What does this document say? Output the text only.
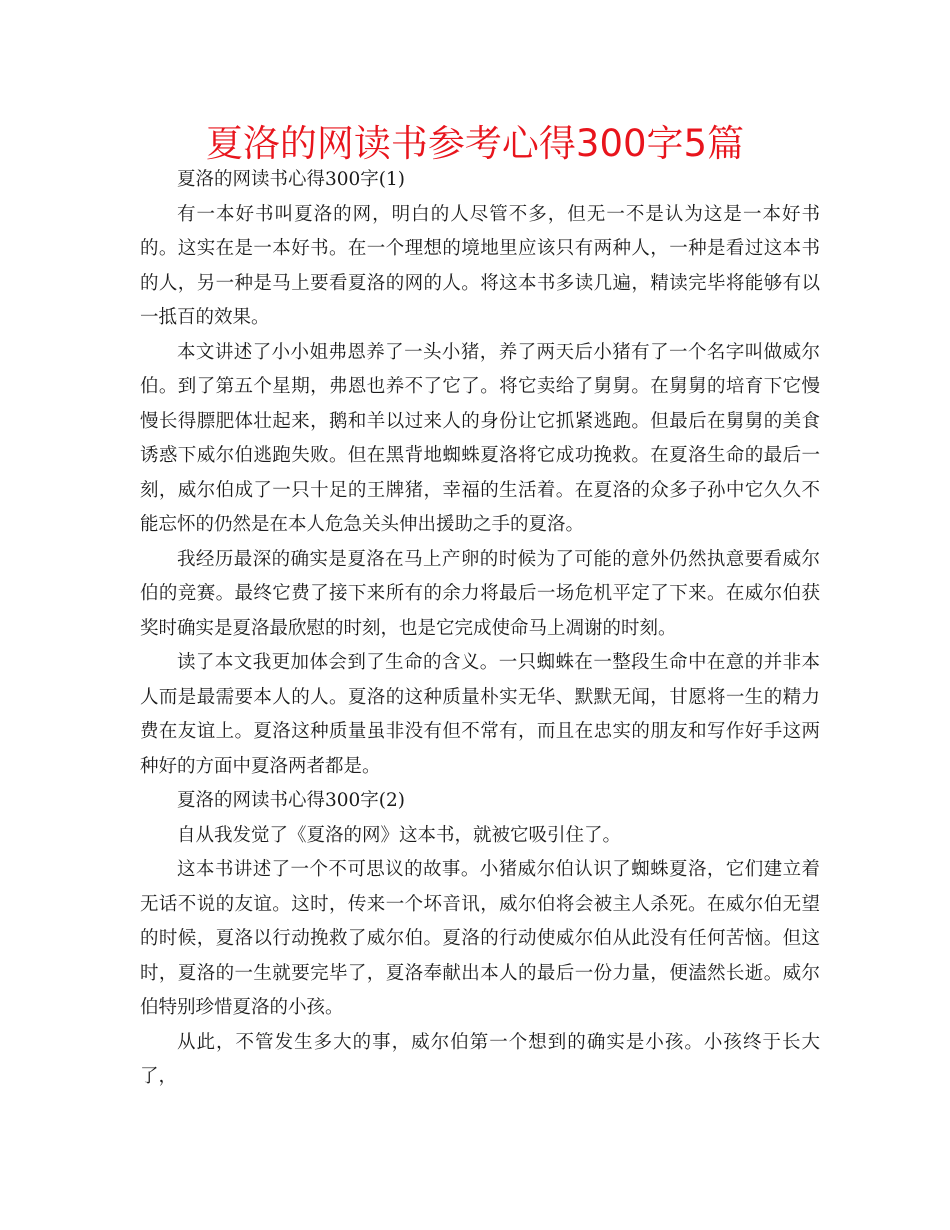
夏洛的网读书参考心得300字5篇

夏洛的网读书心得300字(1)

有一本好书叫夏洛的网，明白的人尽管不多，但无一不是认为这是一本好书的。这实在是一本好书。在一个理想的境地里应该只有两种人，一种是看过这本书的人，另一种是马上要看夏洛的网的人。将这本书多读几遍，精读完毕将能够有以一抵百的效果。

本文讲述了小小姐弗恩养了一头小猪，养了两天后小猪有了一个名字叫做威尔伯。到了第五个星期，弗恩也养不了它了。将它卖给了舅舅。在舅舅的培育下它慢慢长得膘肥体壮起来，鹅和羊以过来人的身份让它抓紧逃跑。但最后在舅舅的美食诱惑下威尔伯逃跑失败。但在黑背地蜘蛛夏洛将它成功挽救。在夏洛生命的最后一刻，威尔伯成了一只十足的王牌猪，幸福的生活着。在夏洛的众多子孙中它久久不能忘怀的仍然是在本人危急关头伸出援助之手的夏洛。

我经历最深的确实是夏洛在马上产卵的时候为了可能的意外仍然执意要看威尔伯的竞赛。最终它费了接下来所有的余力将最后一场危机平定了下来。在威尔伯获奖时确实是夏洛最欣慰的时刻，也是它完成使命马上凋谢的时刻。

读了本文我更加体会到了生命的含义。一只蜘蛛在一整段生命中在意的并非本人而是最需要本人的人。夏洛的这种质量朴实无华、默默无闻，甘愿将一生的精力费在友谊上。夏洛这种质量虽非没有但不常有，而且在忠实的朋友和写作好手这两种好的方面中夏洛两者都是。

夏洛的网读书心得300字(2)

自从我发觉了《夏洛的网》这本书，就被它吸引住了。

这本书讲述了一个不可思议的故事。小猪威尔伯认识了蜘蛛夏洛，它们建立着无话不说的友谊。这时，传来一个坏音讯，威尔伯将会被主人杀死。在威尔伯无望的时候，夏洛以行动挽救了威尔伯。夏洛的行动使威尔伯从此没有任何苦恼。但这时，夏洛的一生就要完毕了，夏洛奉献出本人的最后一份力量，便溘然长逝。威尔伯特别珍惜夏洛的小孩。

从此，不管发生多大的事，威尔伯第一个想到的确实是小孩。小孩终于长大了，
